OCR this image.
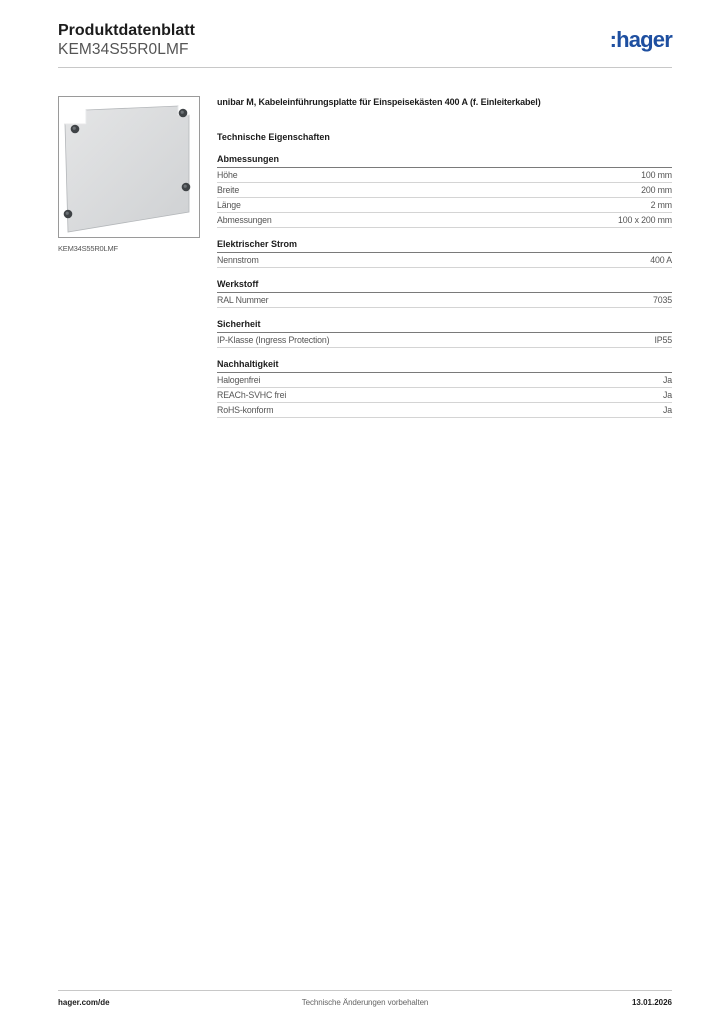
Produktdatenblatt
KEM34S55R0LMF	:hager
KEM34S55R0LMF
unibar M, Kabeleinführungsplatte für Einspeisekästen 400 A (f. Einleiterkabel)
Technische Eigenschaften
Abmessungen
Höhe	100 mm
Breite	200 mm
Länge	2 mm
Abmessungen	100 x 200 mm
Elektrischer Strom
Nennstrom	400 A
Werkstoff
RAL Nummer	7035
Sicherheit
IP-Klasse (Ingress Protection)	IP55
Nachhaltigkeit
Halogenfrei	Ja
REACh-SVHC frei	Ja
RoHS-konform	Ja
hager.com/de	Technische Änderungen vorbehalten	13.01.2026
